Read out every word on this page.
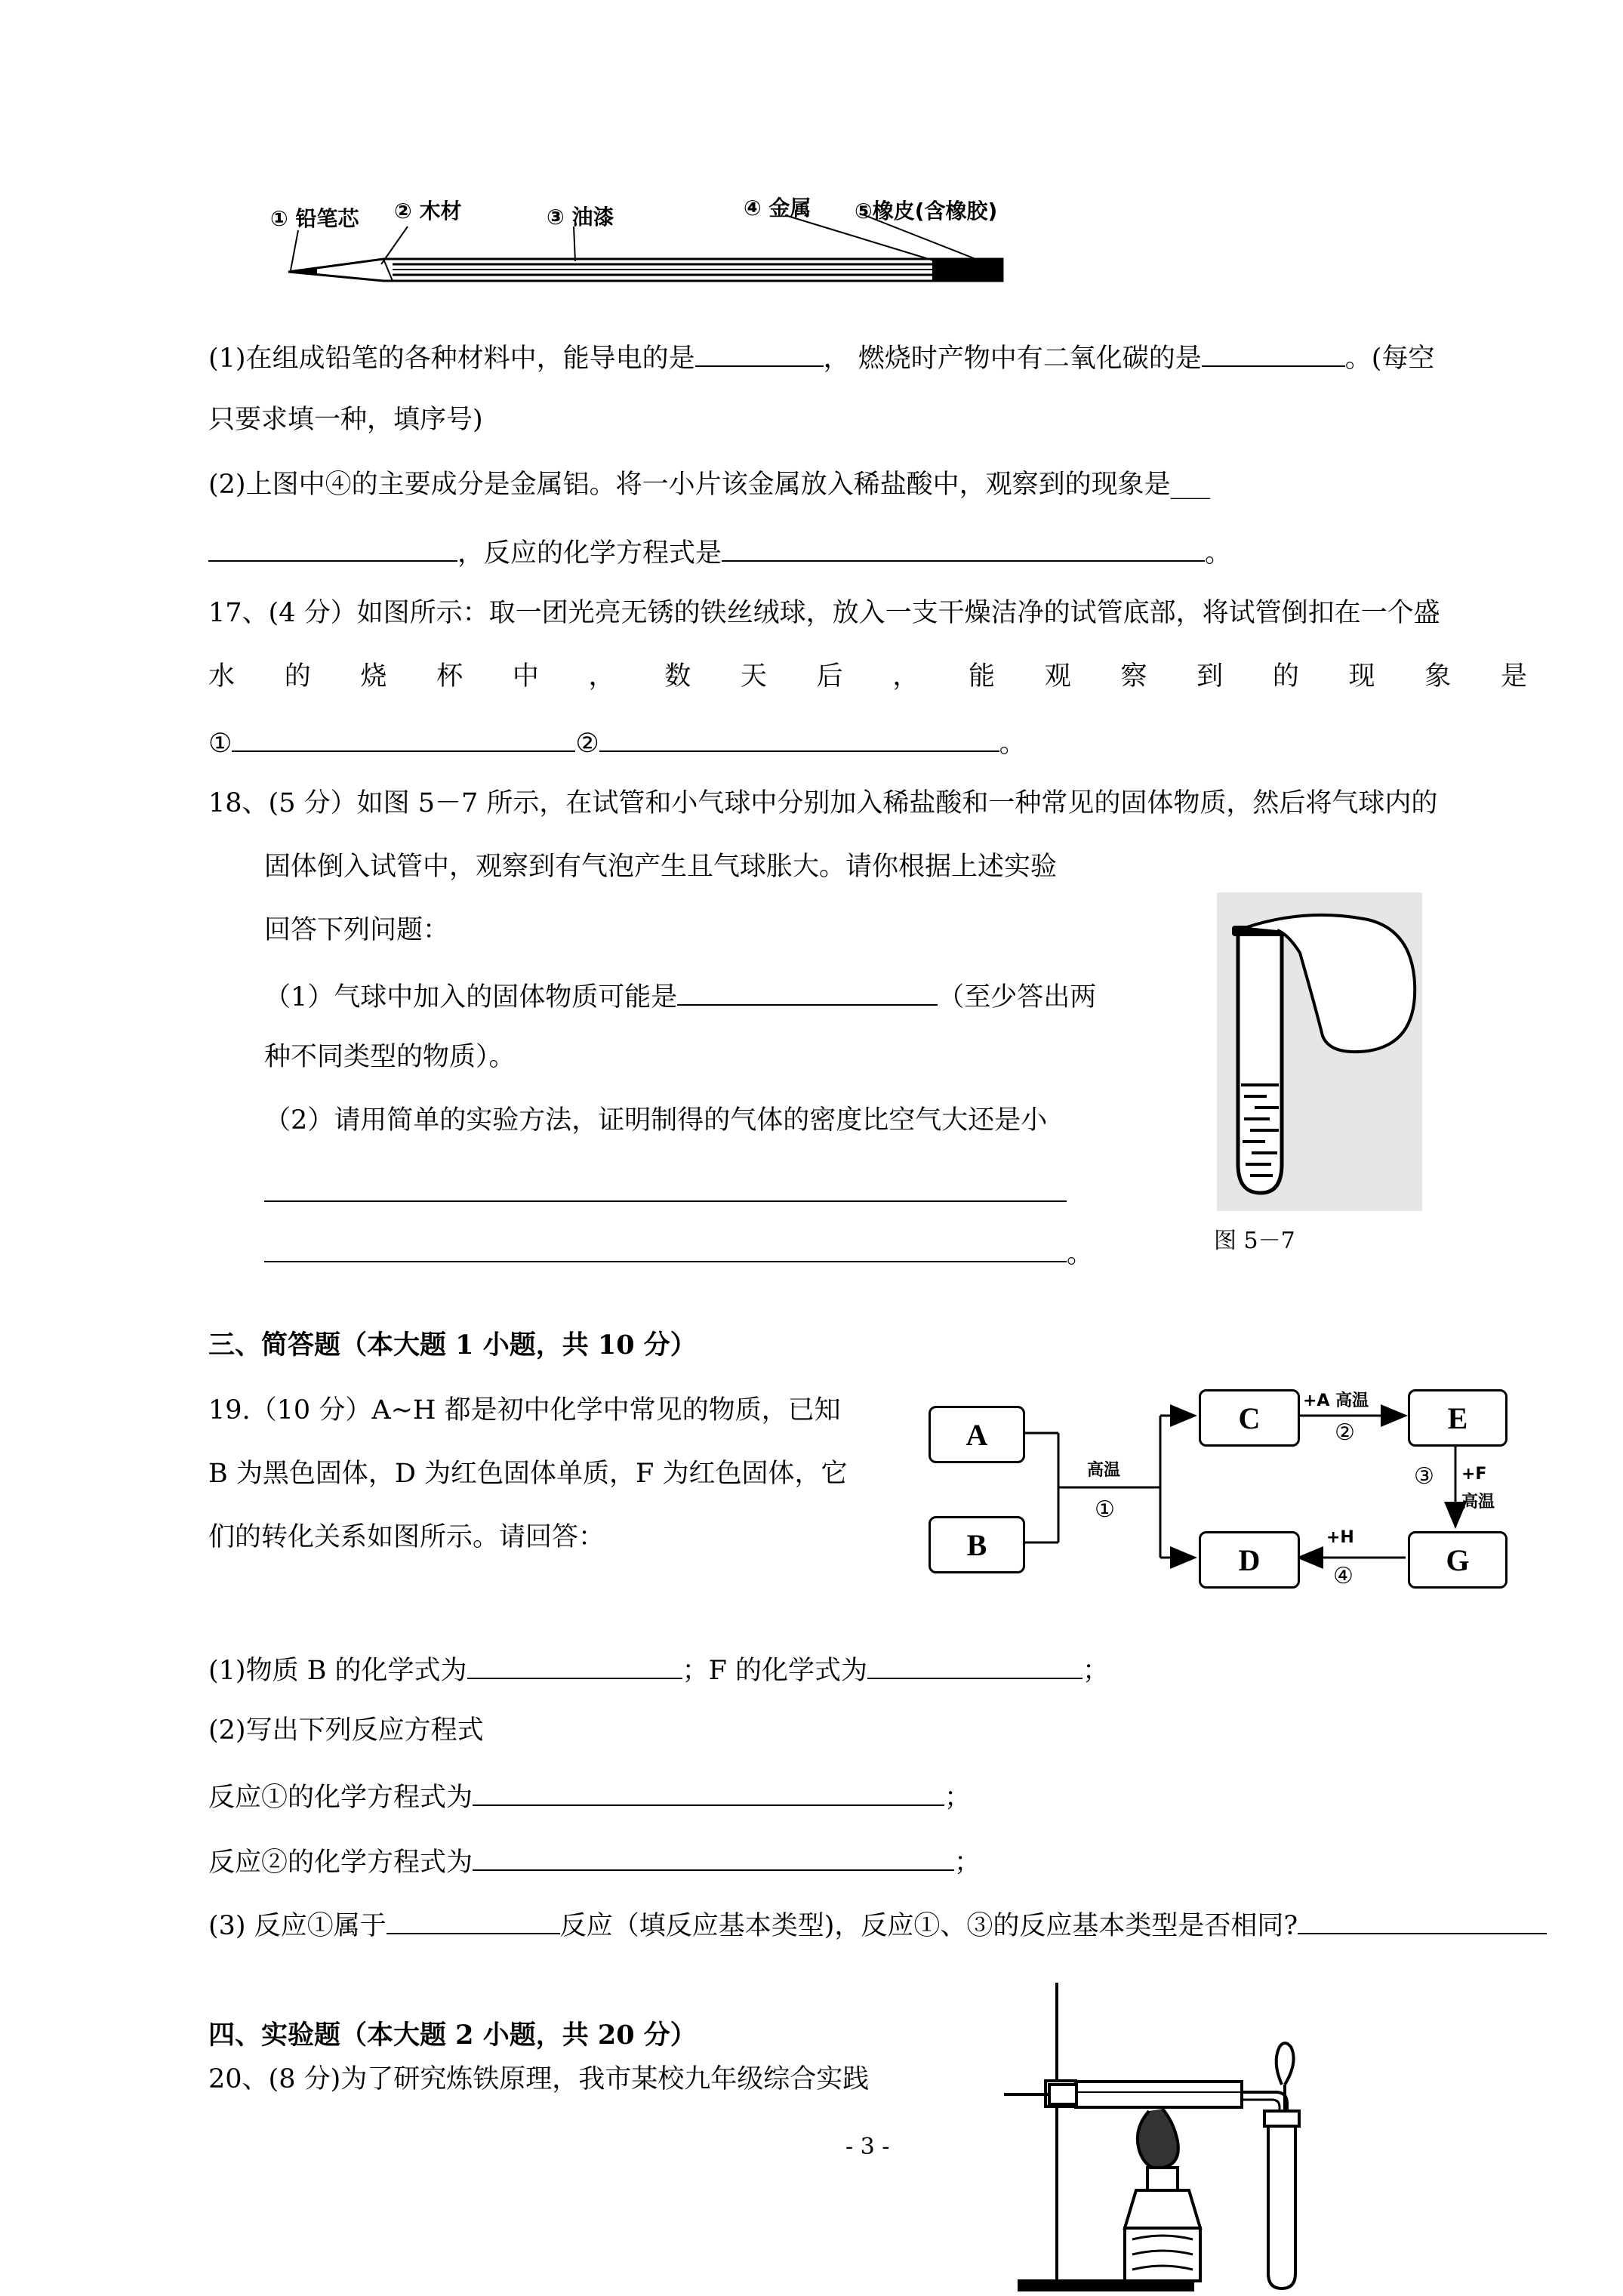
① 铅笔芯 ② 木材	③ 油漆	④ 金属 ⑤橡皮(含橡胶)
(1)在组成铅笔的各种材料中，能导电的是	， 燃烧时产物中有二氧化碳的是	。(每空
只要求填一种，填序号)
(2)上图中④的主要成分是金属铝。将一小片该金属放入稀盐酸中，观察到的现象是___
，反应的化学方程式是	。
17、(4 分）如图所示：取一团光亮无锈的铁丝绒球，放入一支干燥洁净的试管底部，将试管倒扣在一个盛
水 的 烧 杯 中 ， 数 天 后 ， 能 观 察 到 的 现 象 是
①	②	。
18、(5 分）如图 5－7 所示，在试管和小气球中分别加入稀盐酸和一种常见的固体物质，然后将气球内的
固体倒入试管中，观察到有气泡产生且气球胀大。请你根据上述实验
回答下列问题：
（1）气球中加入的固体物质可能是	（至少答出两
种不同类型的物质）。
（2）请用简单的实验方法，证明制得的气体的密度比空气大还是小
。	图 5－7
三、简答题（本大题 1 小题，共 10 分）
19.（10 分）A~H 都是初中化学中常见的物质，已知
B 为黑色固体，D 为红色固体单质，F 为红色固体，它
们的转化关系如图所示。请回答：
A
B
C
D
E
G
高温
①
+A 高温
②
③ +F
高温
+H
④
(1)物质 B 的化学式为	；F 的化学式为	；
(2)写出下列反应方程式
反应①的化学方程式为	；
反应②的化学方程式为	；
(3) 反应①属于	反应（填反应基本类型)，反应①、③的反应基本类型是否相同?
四、实验题（本大题 2 小题，共 20 分）
20、(8 分)为了研究炼铁原理，我市某校九年级综合实践
- 3 -
